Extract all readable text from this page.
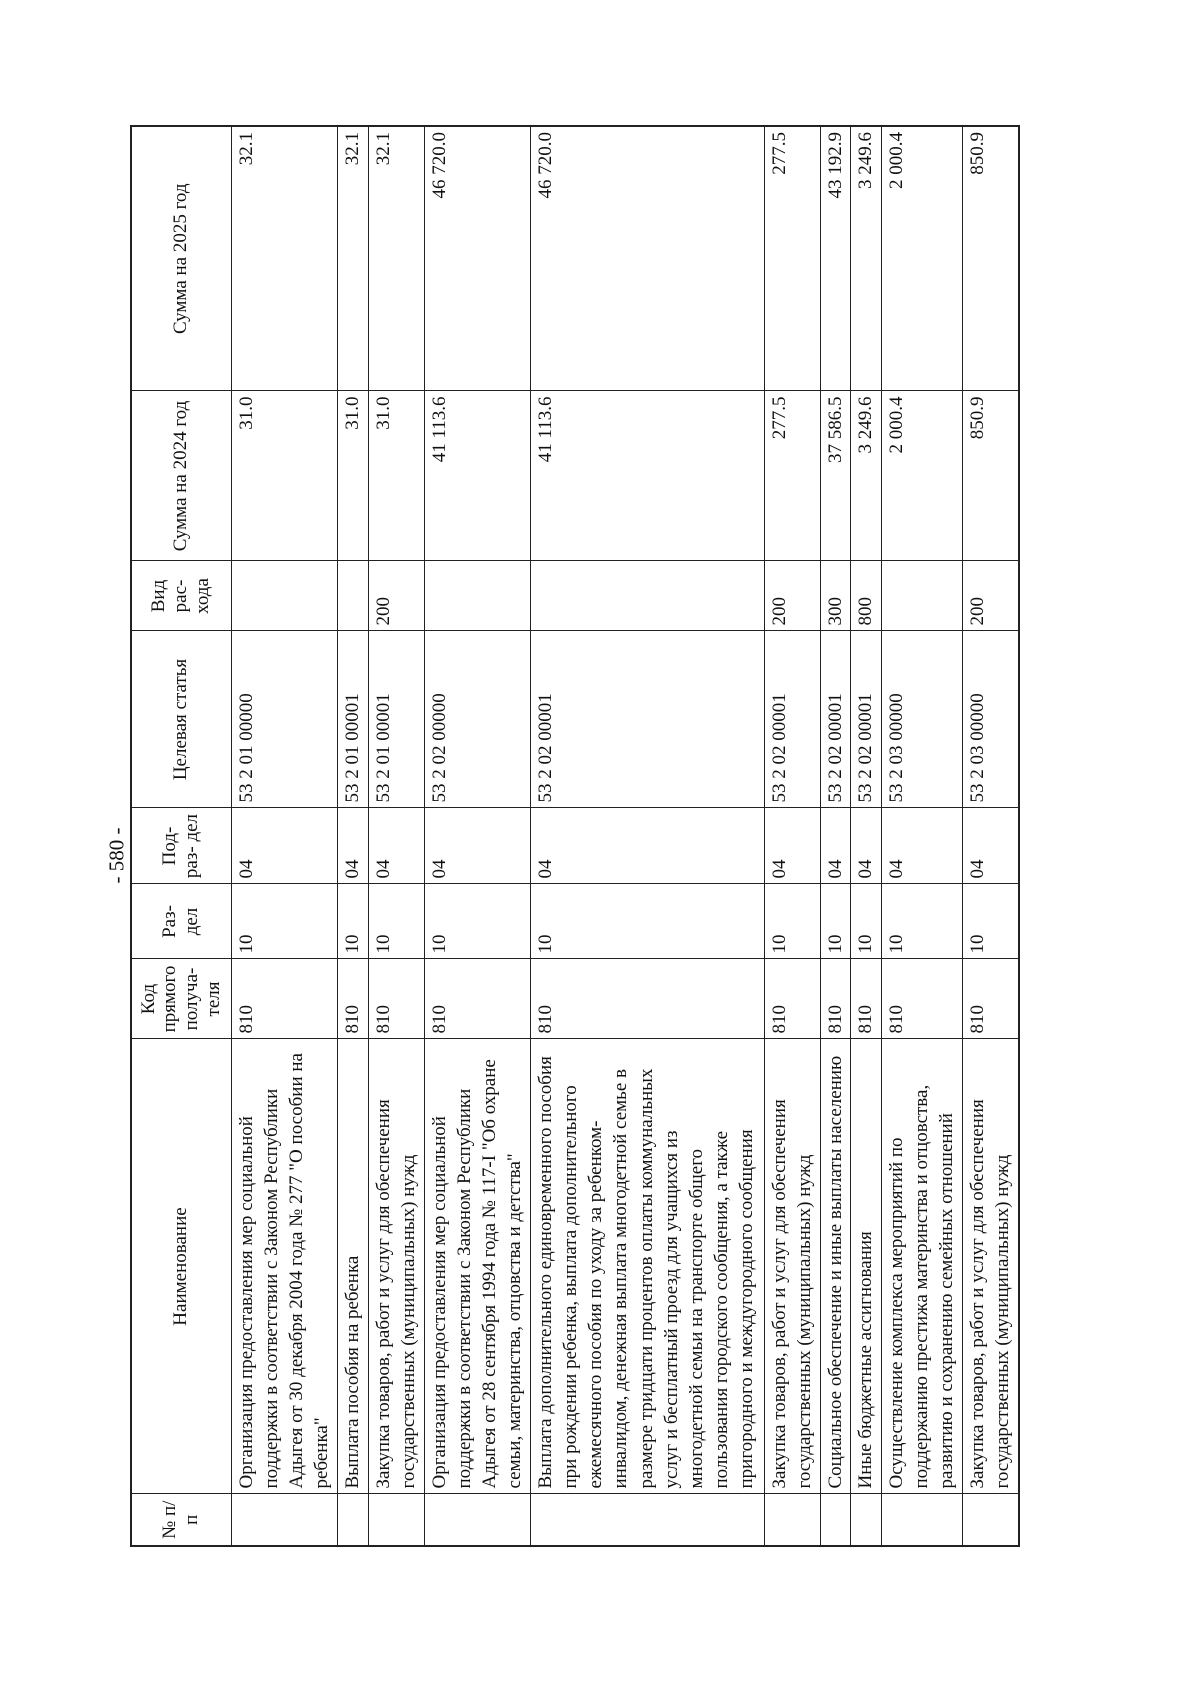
- 580 -
№ п/п	Наименование	Код прямого получа- теля	Раз- дел	Под- раз- дел	Целевая статья	Вид рас- хода	Сумма на 2024 год	Сумма на 2025 год
	Организация предоставления мер социальной поддержки в соответствии с Законом Республики Адыгея от 30 декабря 2004 года № 277 "О пособии на ребенка"	810	10	04	53 2 01 00000		31.0	32.1
	Выплата пособия на ребенка	810	10	04	53 2 01 00001		31.0	32.1
	Закупка товаров, работ и услуг для обеспечения государственных (муниципальных) нужд	810	10	04	53 2 01 00001	200	31.0	32.1
	Организация предоставления мер социальной поддержки в соответствии с Законом Республики Адыгея от 28 сентября 1994 года № 117-I "Об охране семьи, материнства, отцовства и детства"	810	10	04	53 2 02 00000		41 113.6	46 720.0
	Выплата дополнительного единовременного пособия при рождении ребенка, выплата дополнительного ежемесячного пособия по уходу за ребенком-инвалидом, денежная выплата многодетной семье в размере тридцати процентов оплаты коммунальных услуг и бесплатный проезд для учащихся из многодетной семьи на транспорте общего пользования городского сообщения, а также пригородного и междугородного сообщения	810	10	04	53 2 02 00001		41 113.6	46 720.0
	Закупка товаров, работ и услуг для обеспечения государственных (муниципальных) нужд	810	10	04	53 2 02 00001	200	277.5	277.5
	Социальное обеспечение и иные выплаты населению	810	10	04	53 2 02 00001	300	37 586.5	43 192.9
	Иные бюджетные ассигнования	810	10	04	53 2 02 00001	800	3 249.6	3 249.6
	Осуществление комплекса мероприятий по поддержанию престижа материнства и отцовства, развитию и сохранению семейных отношений	810	10	04	53 2 03 00000		2 000.4	2 000.4
	Закупка товаров, работ и услуг для обеспечения государственных (муниципальных) нужд	810	10	04	53 2 03 00000	200	850.9	850.9
